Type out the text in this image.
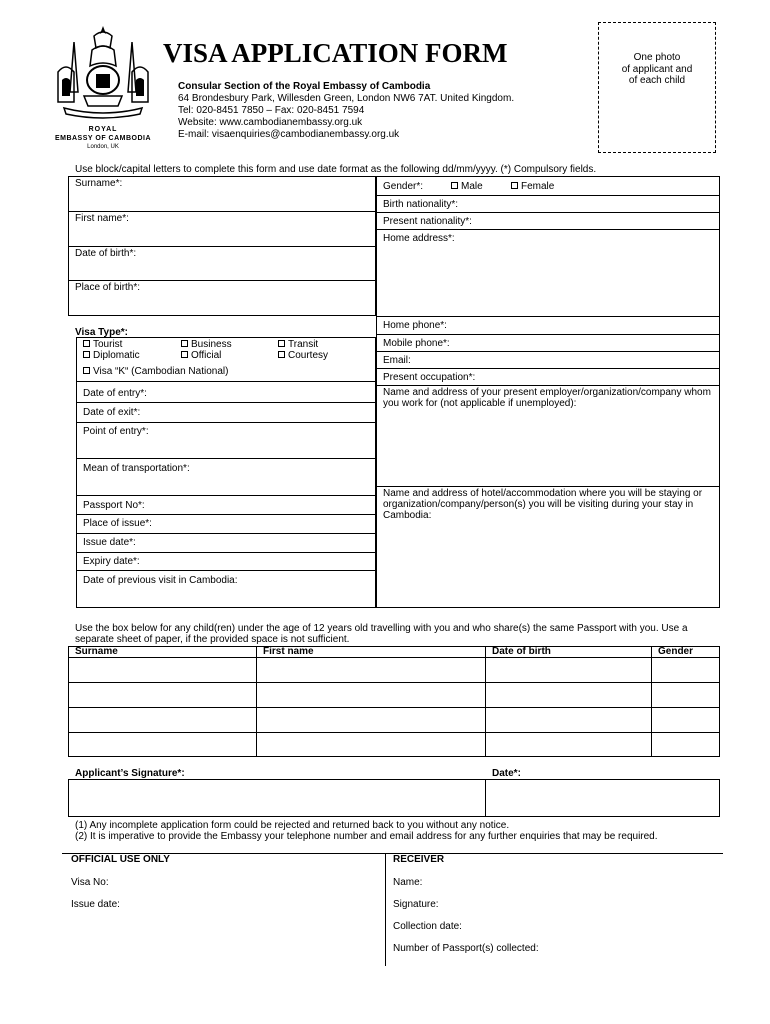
ROYAL
EMBASSY OF CAMBODIA
London, UK
VISA APPLICATION FORM
Consular Section of the Royal Embassy of Cambodia
64 Brondesbury Park, Willesden Green, London NW6 7AT. United Kingdom.
Tel: 020-8451 7850 – Fax: 020-8451 7594
Website: www.cambodianembassy.org.uk
E-mail: visaenquiries@cambodianembassy.org.uk
One photo
of applicant and
of each child
Use block/capital letters to complete this form and use date format as the following dd/mm/yyyy. (*) Compulsory fields.
Surname*:
First name*:
Date of birth*:
Place of birth*:
Gender*:	Male	Female
Birth nationality*:
Present nationality*:
Home address*:
Home phone*:
Mobile phone*:
Email:
Present occupation*:
Name and address of your present employer/organization/company whom you work for (not applicable if unemployed):
Name and address of hotel/accommodation where you will be staying or organization/company/person(s) you will be visiting during your stay in Cambodia:
Visa Type*:
Tourist	Business	Transit
Diplomatic	Official	Courtesy
Visa “K“ (Cambodian National)
Date of entry*:
Date of exit*:
Point of entry*:
Mean of transportation*:
Passport No*:
Place of issue*:
Issue date*:
Expiry date*:
Date of previous visit in Cambodia:
Use the box below for any child(ren) under the age of 12 years old travelling with you and who share(s) the same Passport with you. Use a separate sheet of paper, if the provided space is not sufficient.
Surname	First name	Date of birth	Gender
Applicant’s Signature*:	Date*:
(1) Any incomplete application form could be rejected and returned back to you without any notice.
(2) It is imperative to provide the Embassy your telephone number and email address for any further enquiries that may be required.
OFFICIAL USE ONLY
Visa No:
Issue date:
RECEIVER
Name:
Signature:
Collection date:
Number of Passport(s) collected:
